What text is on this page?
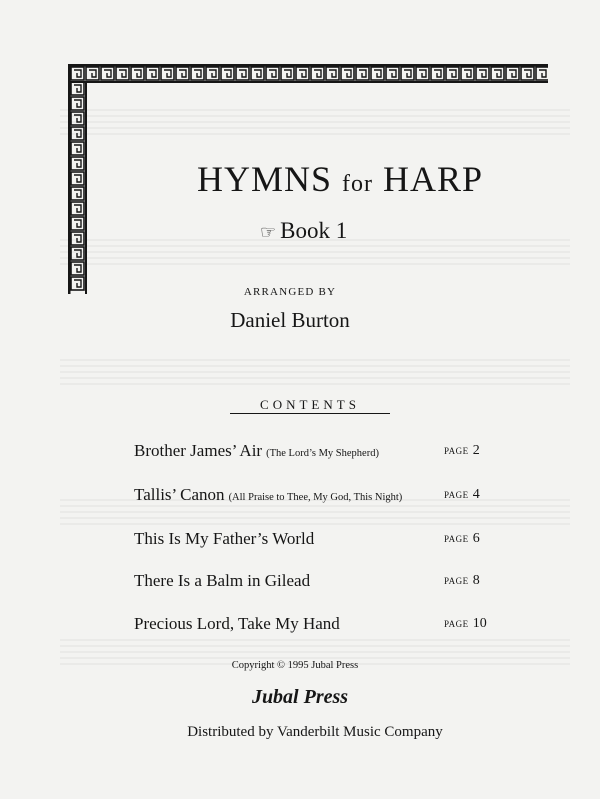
HYMNS for HARP
☞ Book 1
ARRANGED BY
Daniel Burton
CONTENTS
Brother James’ Air (The Lord’s My Shepherd)	PAGE 2
Tallis’ Canon (All Praise to Thee, My God, This Night)	PAGE 4
This Is My Father’s World	PAGE 6
There Is a Balm in Gilead	PAGE 8
Precious Lord, Take My Hand	PAGE 10
Copyright © 1995 Jubal Press
Jubal Press
Distributed by Vanderbilt Music Company
